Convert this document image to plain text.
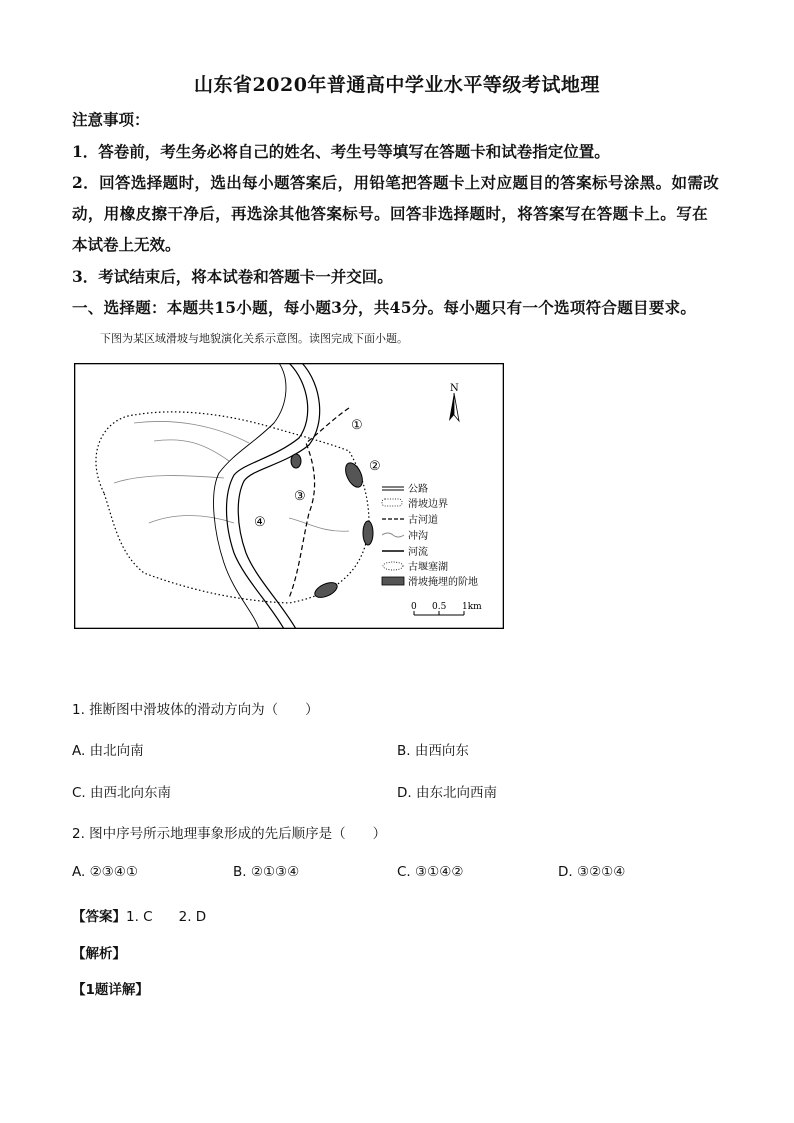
山东省2020年普通高中学业水平等级考试地理
注意事项：
1．答卷前，考生务必将自己的姓名、考生号等填写在答题卡和试卷指定位置。
2．回答选择题时，选出每小题答案后，用铅笔把答题卡上对应题目的答案标号涂黑。如需改
动，用橡皮擦干净后，再选涂其他答案标号。回答非选择题时，将答案写在答题卡上。写在
本试卷上无效。
3．考试结束后，将本试卷和答题卡一并交回。
一、选择题：本题共15小题，每小题3分，共45分。每小题只有一个选项符合题目要求。
下图为某区域滑坡与地貌演化关系示意图。读图完成下面小题。
①
②
③
④
N
公路
滑坡边界
古河道
冲沟
河流
古堰塞湖
滑坡掩埋的阶地
0 0.5 1km
1. 推断图中滑坡体的滑动方向为（　　）
A. 由北向南	B. 由西向东
C. 由西北向东南	D. 由东北向西南
2. 图中序号所示地理事象形成的先后顺序是（　　）
A. ②③④①	B. ②①③④	C. ③①④②	D. ③②①④
【答案】1. C 2. D
【解析】
【1题详解】
